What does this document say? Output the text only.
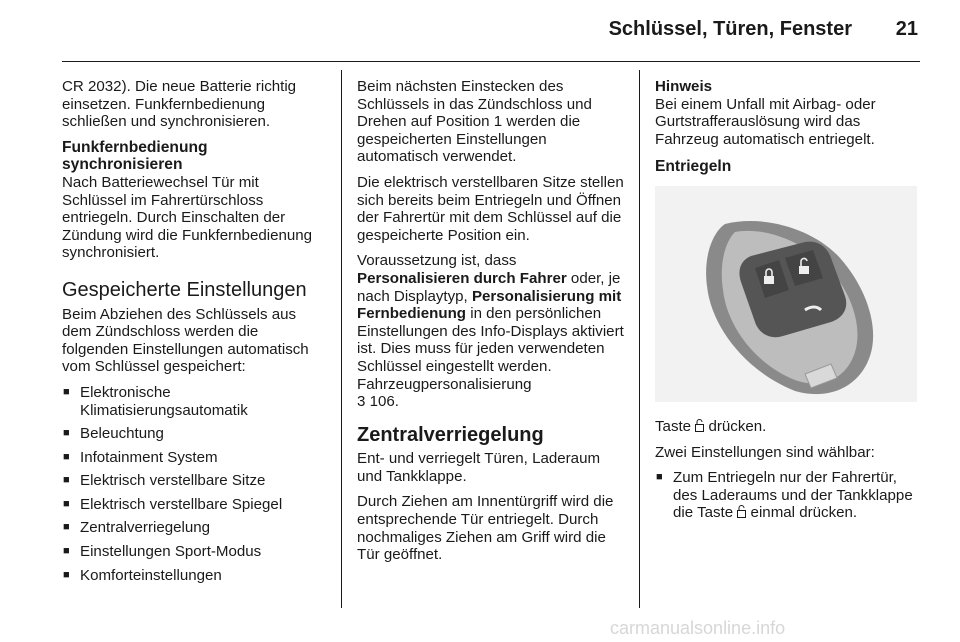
Schlüssel, Türen, Fenster 21

CR 2032). Die neue Batterie richtig einsetzen. Funkfernbedienung schließen und synchronisieren.

Funkfernbedienung
synchronisieren

Nach Batteriewechsel Tür mit Schlüssel im Fahrertürschloss entriegeln. Durch Einschalten der Zündung wird die Funkfernbedienung synchronisiert.

Gespeicherte Einstellungen

Beim Abziehen des Schlüssels aus dem Zündschloss werden die folgenden Einstellungen automatisch vom Schlüssel gespeichert:

■ Elektronische Klimatisierungsautomatik
■ Beleuchtung
■ Infotainment System
■ Elektrisch verstellbare Sitze
■ Elektrisch verstellbare Spiegel
■ Zentralverriegelung
■ Einstellungen Sport-Modus
■ Komforteinstellungen

Beim nächsten Einstecken des Schlüssels in das Zündschloss und Drehen auf Position 1 werden die gespeicherten Einstellungen automatisch verwendet.

Die elektrisch verstellbaren Sitze stellen sich bereits beim Entriegeln und Öffnen der Fahrertür mit dem Schlüssel auf die gespeicherte Position ein.

Voraussetzung ist, dass
Personalisieren durch Fahrer oder, je nach Displaytyp, Personalisierung mit Fernbedienung in den persönlichen Einstellungen des Info-Displays aktiviert ist. Dies muss für jeden verwendeten Schlüssel eingestellt werden. Fahrzeugpersonalisierung
3 106.

Zentralverriegelung

Ent- und verriegelt Türen, Laderaum und Tankklappe.

Durch Ziehen am Innentürgriff wird die entsprechende Tür entriegelt. Durch nochmaliges Ziehen am Griff wird die Tür geöffnet.

Hinweis

Bei einem Unfall mit Airbag- oder Gurtstrafferauslösung wird das Fahrzeug automatisch entriegelt.

Entriegeln

Taste drücken.

Zwei Einstellungen sind wählbar:

■ Zum Entriegeln nur der Fahrertür, des Laderaums und der Tankklappe die Taste einmal drücken.
carmanualsonline.info
